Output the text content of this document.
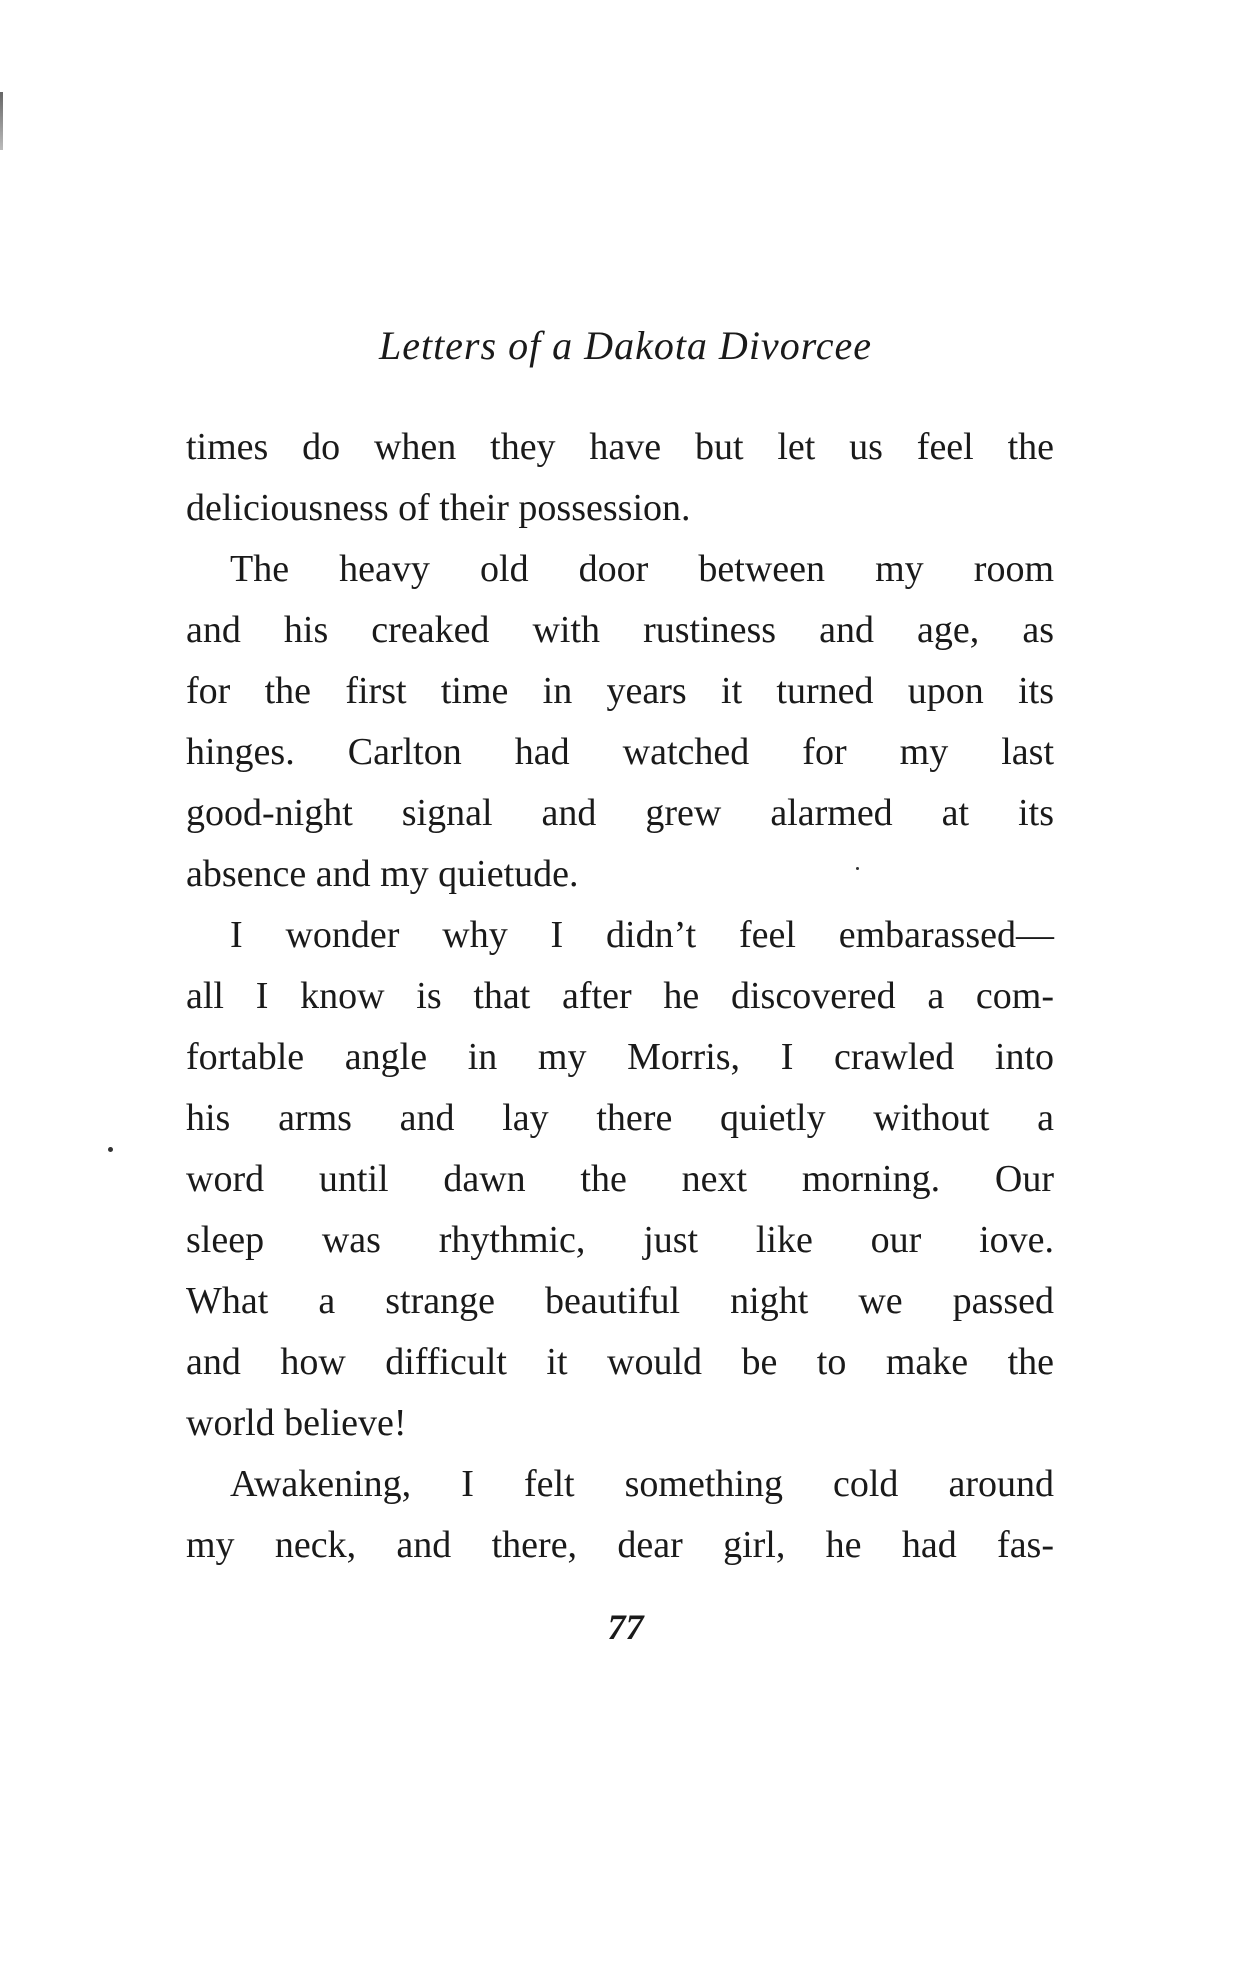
Letters of a Dakota Divorcee
times do when they have but let us feel the
deliciousness of their possession.
The heavy old door between my room
and his creaked with rustiness and age, as
for the first time in years it turned upon its
hinges. Carlton had watched for my last
good-night signal and grew alarmed at its
absence and my quietude.
I wonder why I didn’t feel embarassed—
all I know is that after he discovered a com-
fortable angle in my Morris, I crawled into
his arms and lay there quietly without a
word until dawn the next morning. Our
sleep was rhythmic, just like our iove.
What a strange beautiful night we passed
and how difficult it would be to make the
world believe!
Awakening, I felt something cold around
my neck, and there, dear girl, he had fas-
77
